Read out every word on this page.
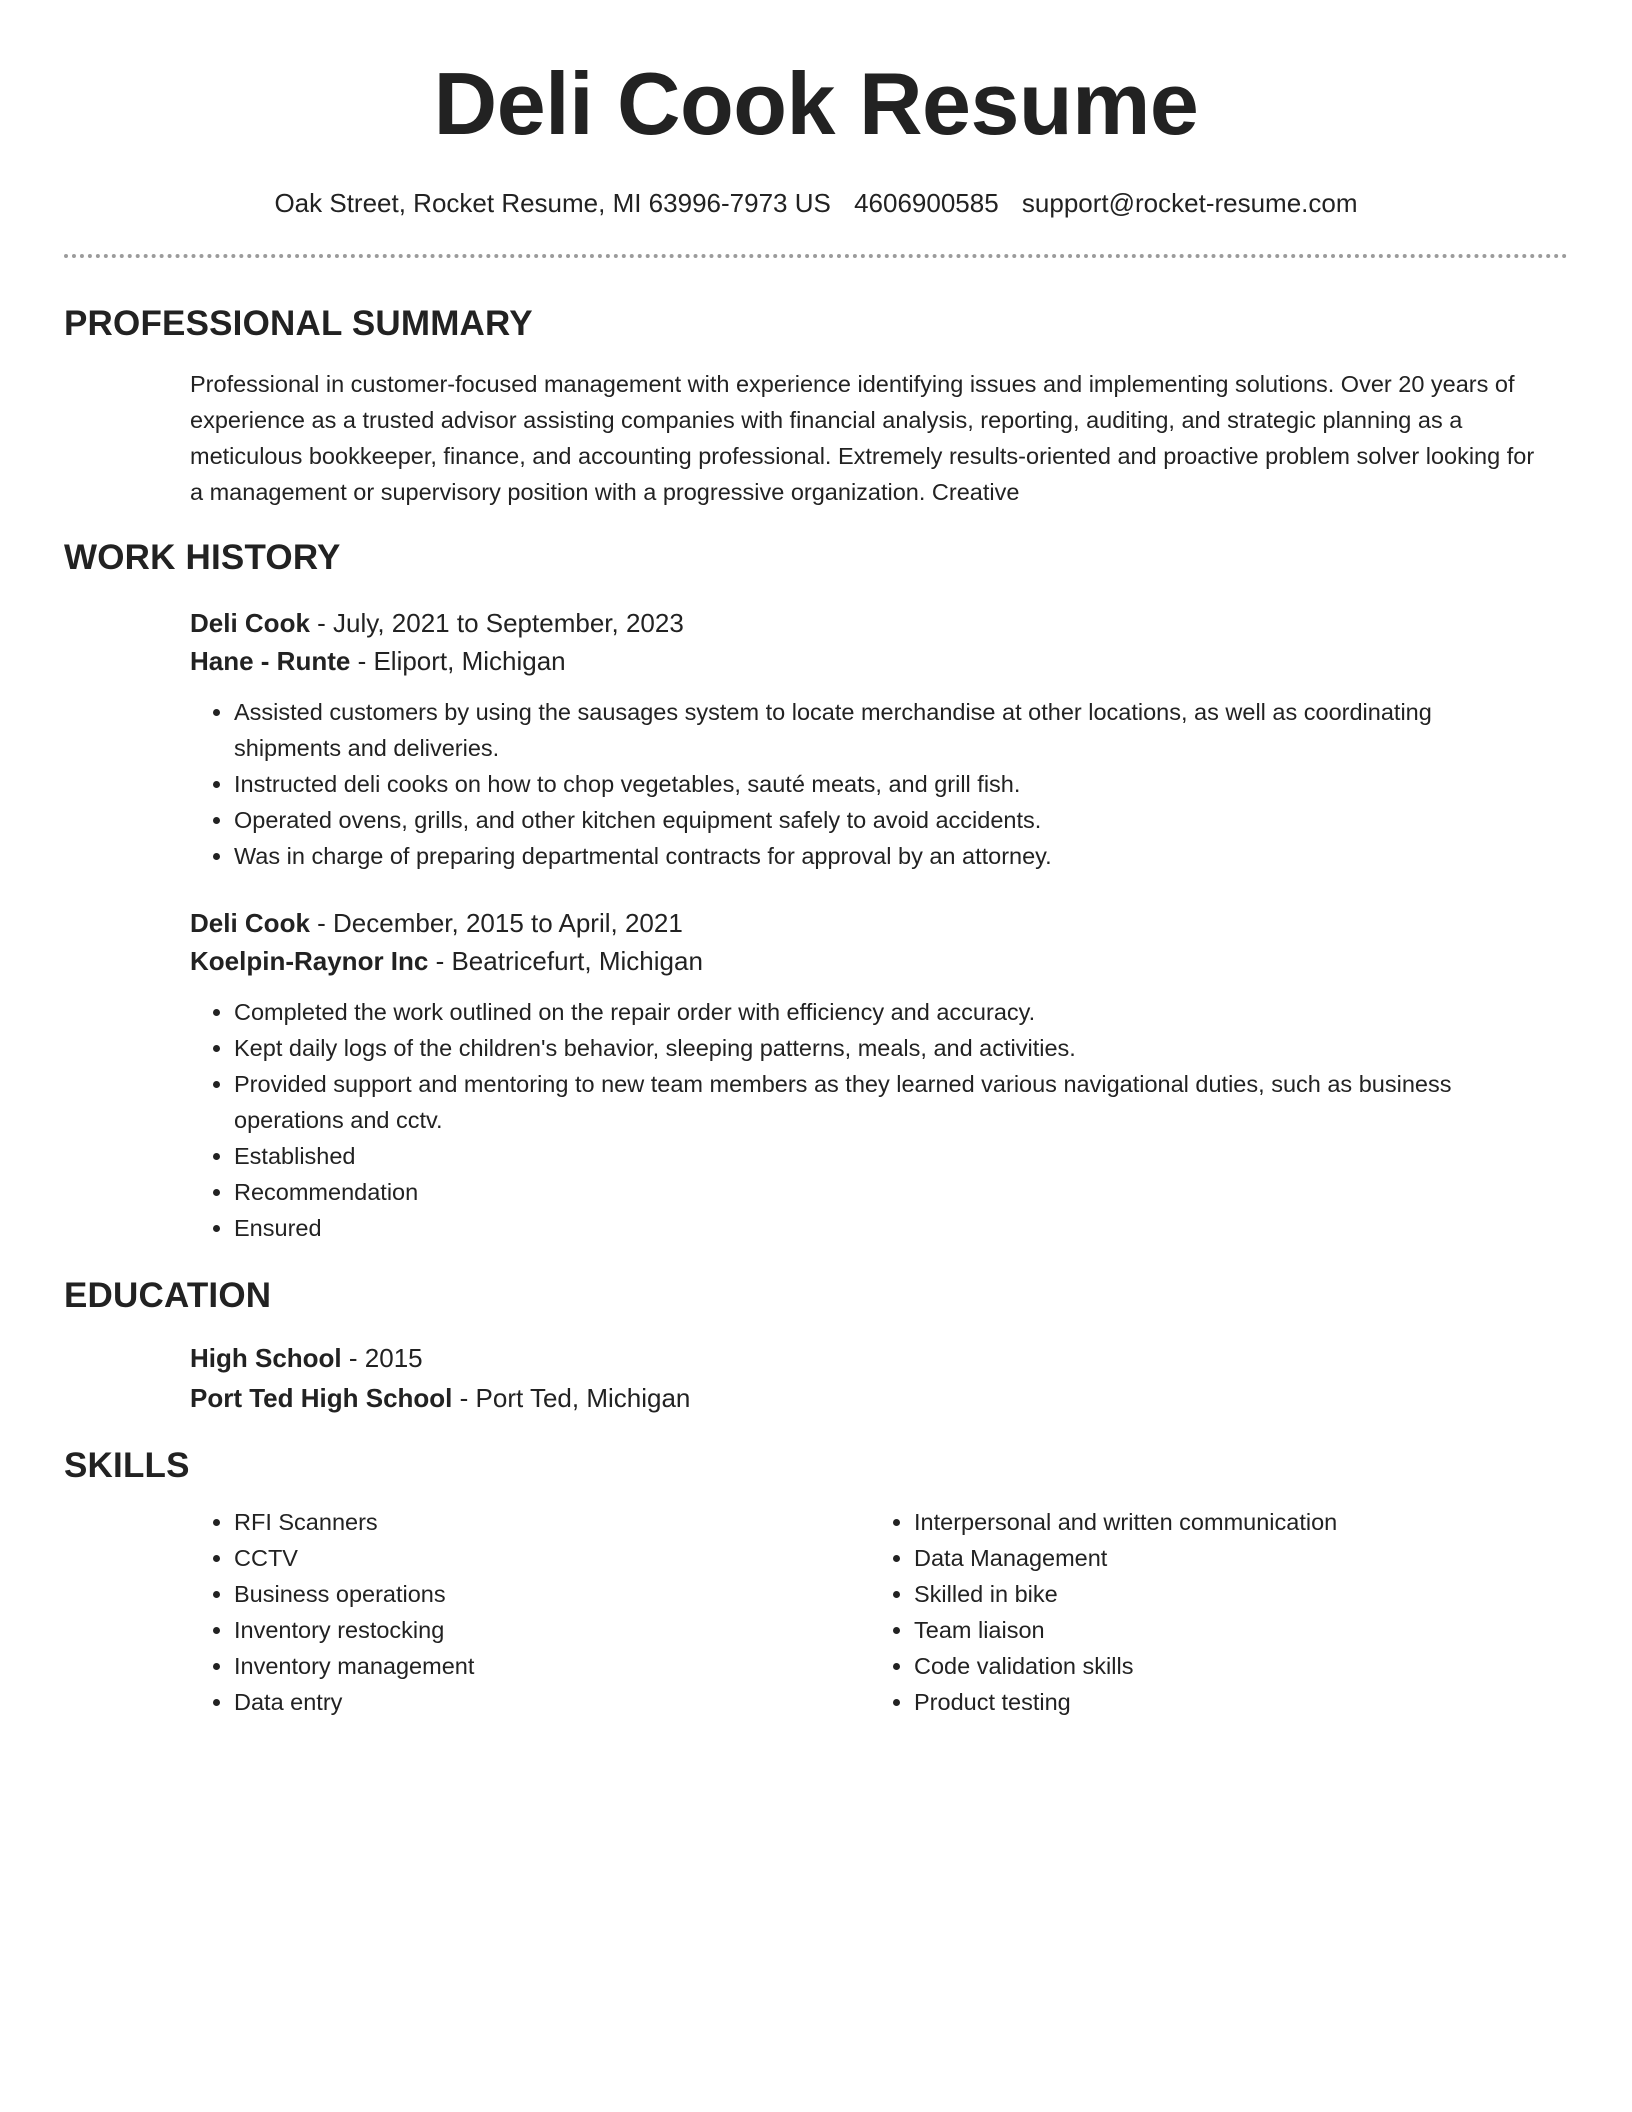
Deli Cook Resume
Oak Street, Rocket Resume, MI 63996-7973 US 4606900585 support@rocket-resume.com
PROFESSIONAL SUMMARY

Professional in customer-focused management with experience identifying issues and implementing solutions. Over 20 years of experience as a trusted advisor assisting companies with financial analysis, reporting, auditing, and strategic planning as a meticulous bookkeeper, finance, and accounting professional. Extremely results-oriented and proactive problem solver looking for a management or supervisory position with a progressive organization. Creative

WORK HISTORY
Deli Cook - July, 2021 to September, 2023
Hane - Runte - Eliport, Michigan
• Assisted customers by using the sausages system to locate merchandise at other locations, as well as coordinating shipments and deliveries.
• Instructed deli cooks on how to chop vegetables, sauté meats, and grill fish.
• Operated ovens, grills, and other kitchen equipment safely to avoid accidents.
• Was in charge of preparing departmental contracts for approval by an attorney.
Deli Cook - December, 2015 to April, 2021
Koelpin-Raynor Inc - Beatricefurt, Michigan
• Completed the work outlined on the repair order with efficiency and accuracy.
• Kept daily logs of the children's behavior, sleeping patterns, meals, and activities.
• Provided support and mentoring to new team members as they learned various navigational duties, such as business operations and cctv.
• Established
• Recommendation
• Ensured
EDUCATION
High School - 2015
Port Ted High School - Port Ted, Michigan
SKILLS
• RFI Scanners
• CCTV
• Business operations
• Inventory restocking
• Inventory management
• Data entry
• Interpersonal and written communication
• Data Management
• Skilled in bike
• Team liaison
• Code validation skills
• Product testing
